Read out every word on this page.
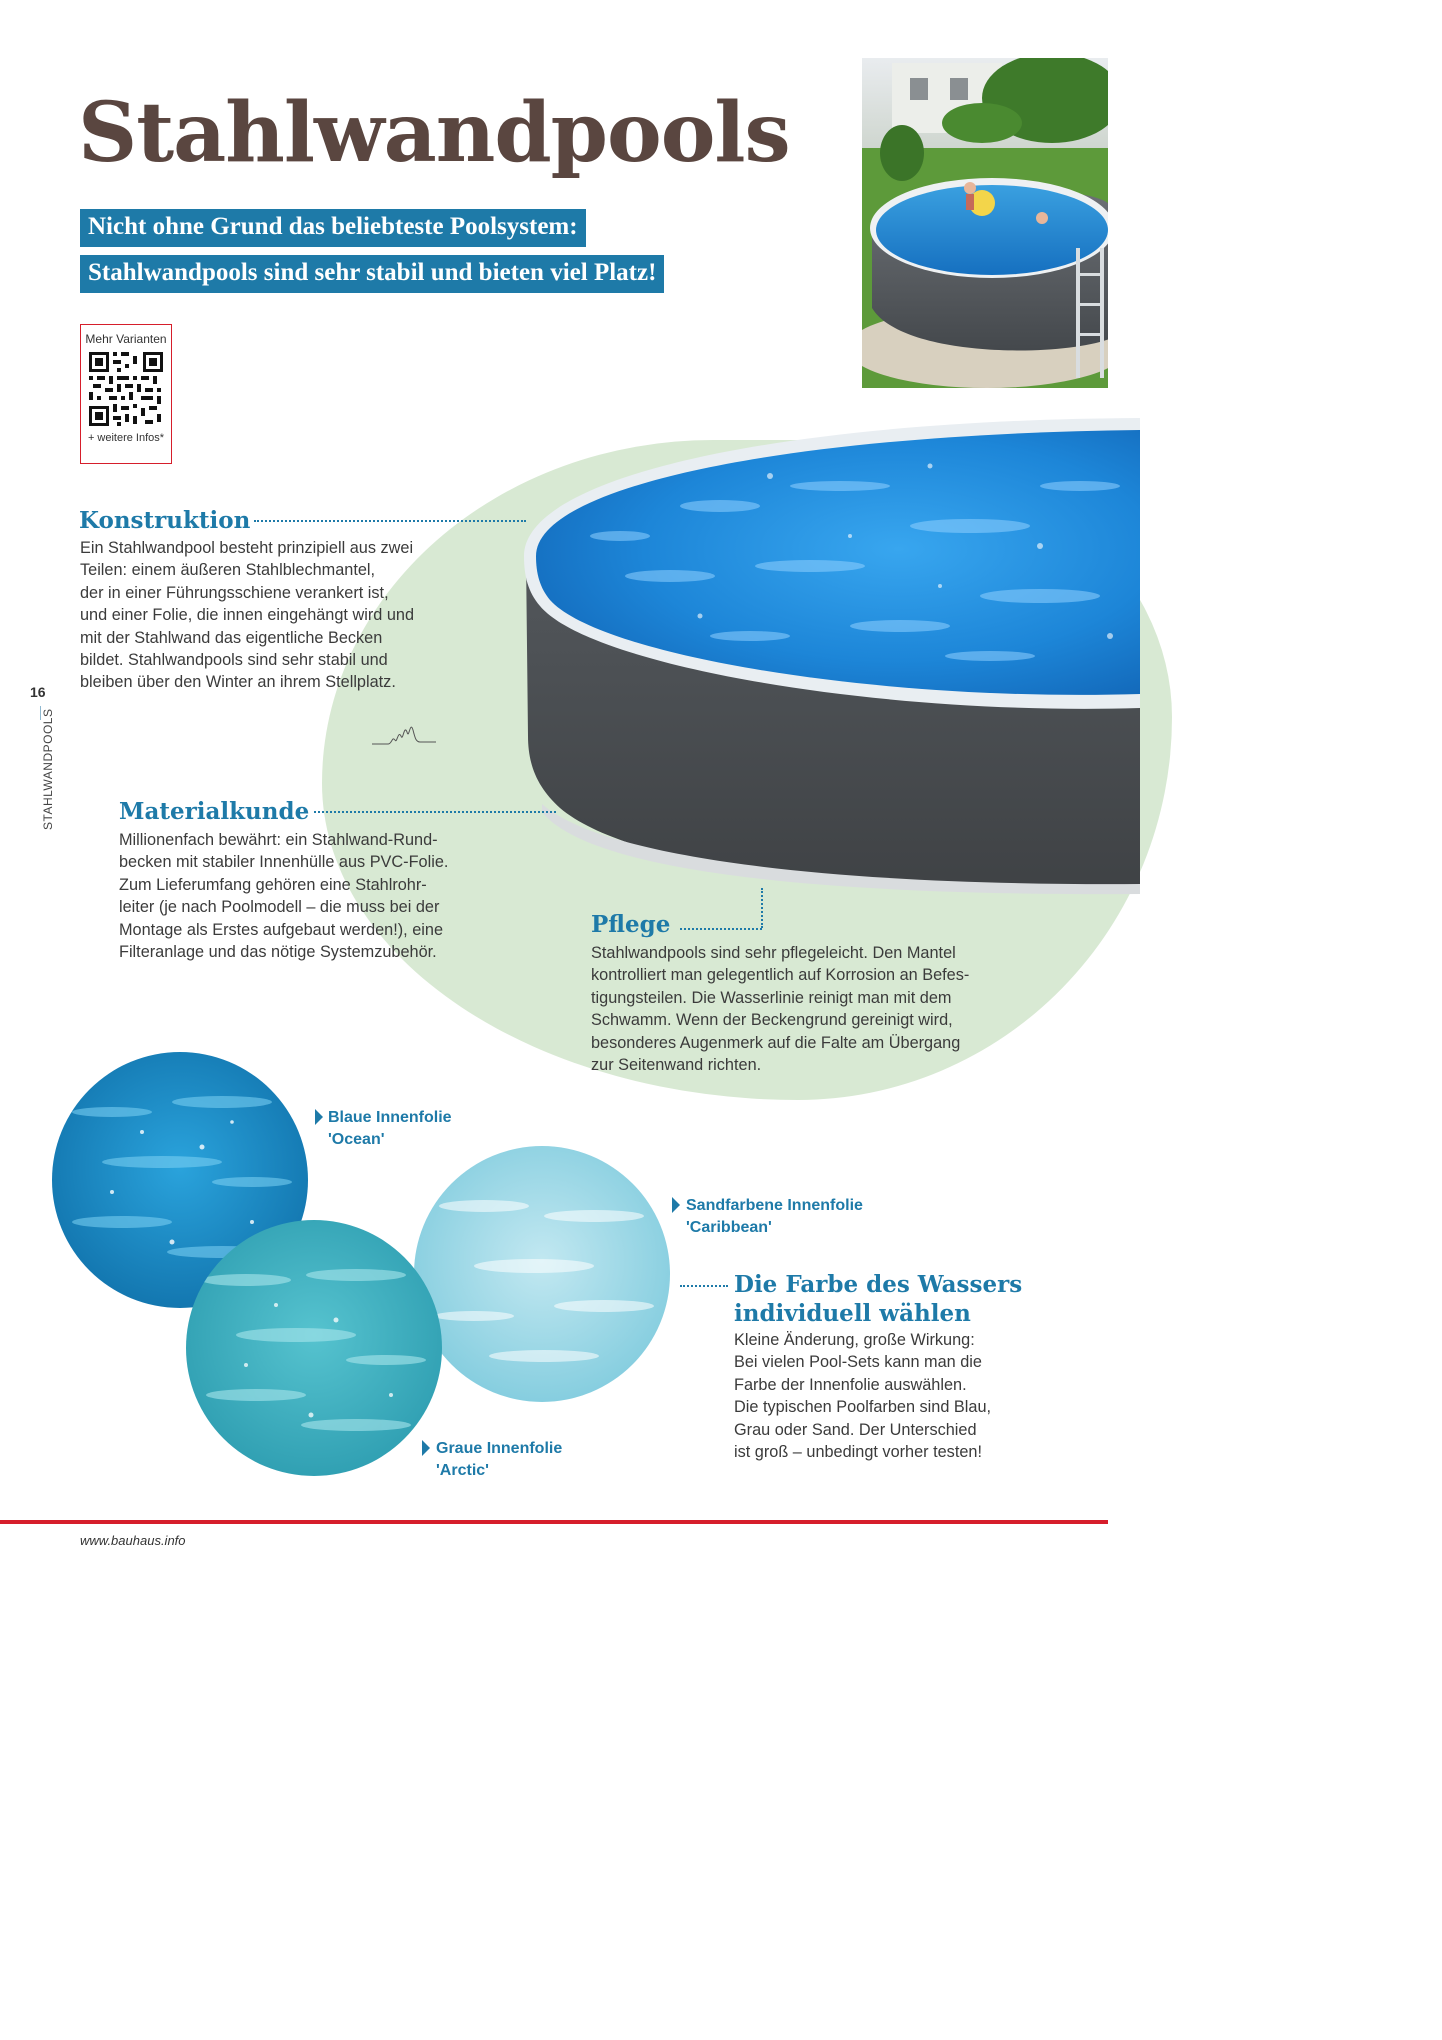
Stahlwandpools
Nicht ohne Grund das beliebteste Poolsystem:
Stahlwandpools sind sehr stabil und bieten viel Platz!
Mehr Varianten
+ weitere Infos*
16
STAHLWANDPOOLS
Konstruktion
Ein Stahlwandpool besteht prinzipiell aus zwei
Teilen: einem äußeren Stahlblechmantel,
der in einer Führungsschiene verankert ist,
und einer Folie, die innen eingehängt wird und
mit der Stahlwand das eigentliche Becken
bildet. Stahlwandpools sind sehr stabil und
bleiben über den Winter an ihrem Stellplatz.
Materialkunde
Millionenfach bewährt: ein Stahlwand-Rund-
becken mit stabiler Innenhülle aus PVC-Folie.
Zum Lieferumfang gehören eine Stahlrohr-
leiter (je nach Poolmodell – die muss bei der
Montage als Erstes aufgebaut werden!), eine
Filteranlage und das nötige Systemzubehör.
Pflege
Stahlwandpools sind sehr pflegeleicht. Den Mantel
kontrolliert man gelegentlich auf Korrosion an Befes-
tigungsteilen. Die Wasserlinie reinigt man mit dem
Schwamm. Wenn der Beckengrund gereinigt wird,
besonderes Augenmerk auf die Falte am Übergang
zur Seitenwand richten.
Blaue Innenfolie
'Ocean'
Sandfarbene Innenfolie
'Caribbean'
Graue Innenfolie
'Arctic'
Die Farbe des Wassers
individuell wählen
Kleine Änderung, große Wirkung:
Bei vielen Pool-Sets kann man die
Farbe der Innenfolie auswählen.
Die typischen Poolfarben sind Blau,
Grau oder Sand. Der Unterschied
ist groß – unbedingt vorher testen!
www.bauhaus.info
